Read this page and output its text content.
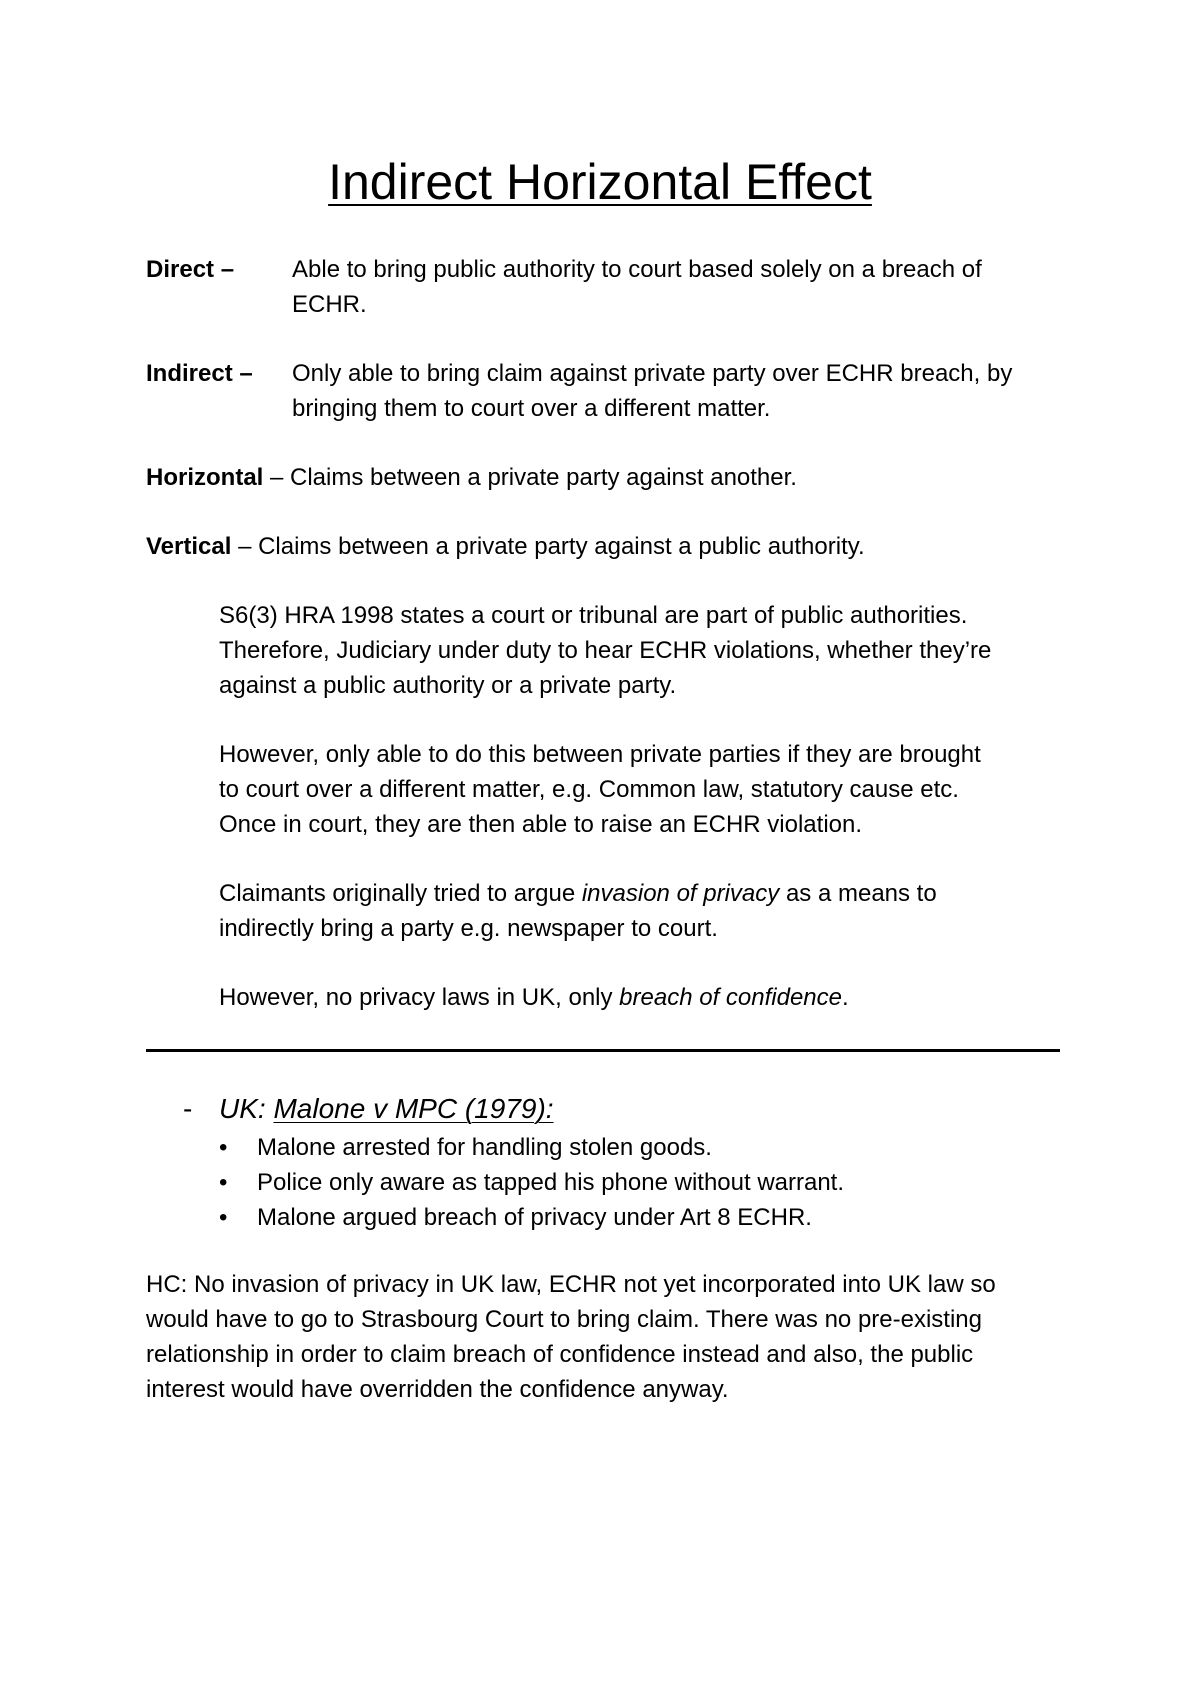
Indirect Horizontal Effect
Direct –	Able to bring public authority to court based solely on a breach of
ECHR.
Indirect –	Only able to bring claim against private party over ECHR breach, by
bringing them to court over a different matter.
Horizontal – Claims between a private party against another.
Vertical – Claims between a private party against a public authority.
S6(3) HRA 1998 states a court or tribunal are part of public authorities.
Therefore, Judiciary under duty to hear ECHR violations, whether they’re
against a public authority or a private party.
However, only able to do this between private parties if they are brought
to court over a different matter, e.g. Common law, statutory cause etc.
Once in court, they are then able to raise an ECHR violation.
Claimants originally tried to argue invasion of privacy as a means to
indirectly bring a party e.g. newspaper to court.
However, no privacy laws in UK, only breach of confidence.
- UK: Malone v MPC (1979):
•	Malone arrested for handling stolen goods.
•	Police only aware as tapped his phone without warrant.
•	Malone argued breach of privacy under Art 8 ECHR.
HC: No invasion of privacy in UK law, ECHR not yet incorporated into UK law so
would have to go to Strasbourg Court to bring claim. There was no pre-existing
relationship in order to claim breach of confidence instead and also, the public
interest would have overridden the confidence anyway.
